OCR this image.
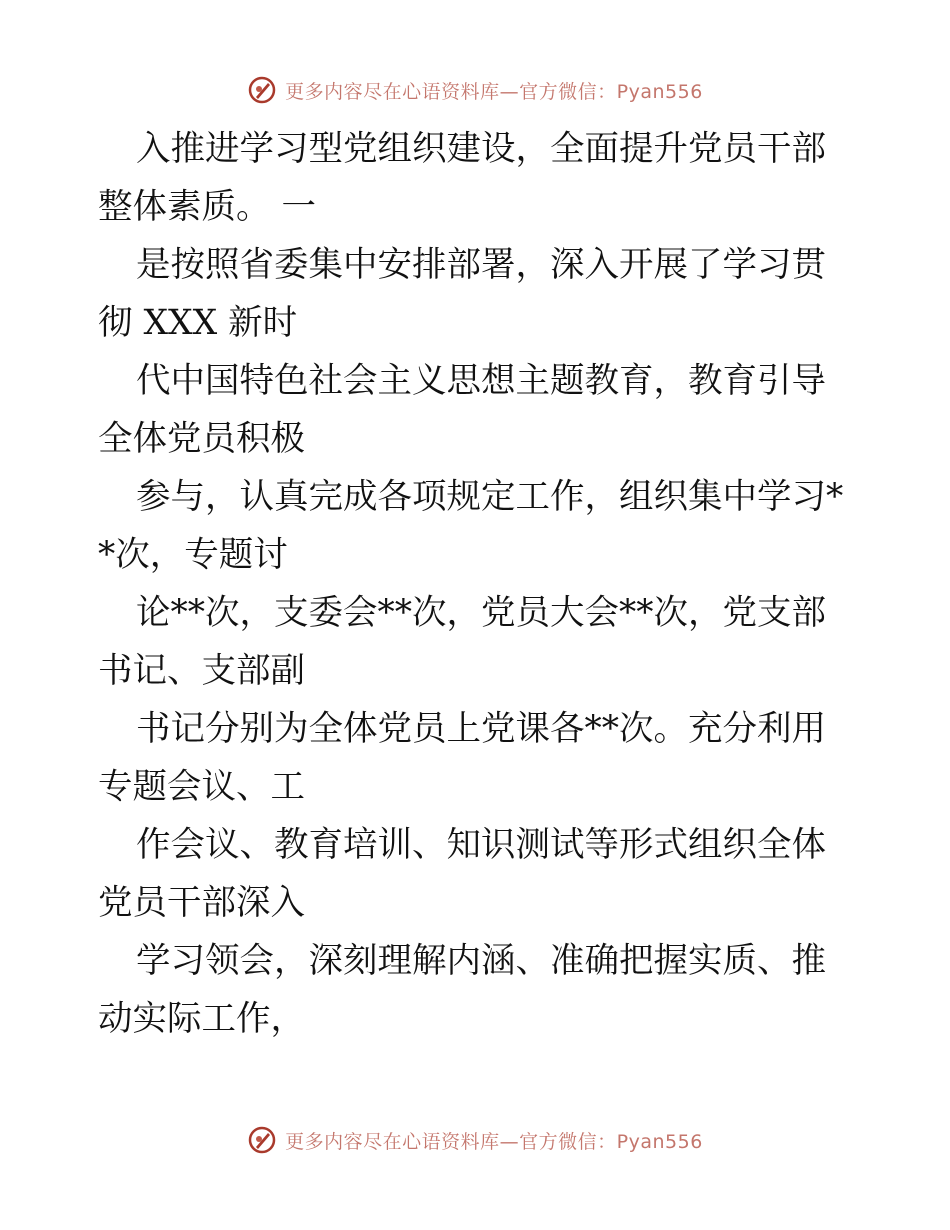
更多内容尽在心语资料库—官方微信：Pyan556

入推进学习型党组织建设，全面提升党员干部整体素质。 一

是按照省委集中安排部署，深入开展了学习贯彻 XXX 新时

代中国特色社会主义思想主题教育，教育引导全体党员积极

参与，认真完成各项规定工作，组织集中学习**次，专题讨

论**次，支委会**次，党员大会**次，党支部书记、支部副

书记分别为全体党员上党课各**次。充分利用专题会议、工

作会议、教育培训、知识测试等形式组织全体党员干部深入

学习领会，深刻理解内涵、准确把握实质、推动实际工作，

更多内容尽在心语资料库—官方微信：Pyan556
